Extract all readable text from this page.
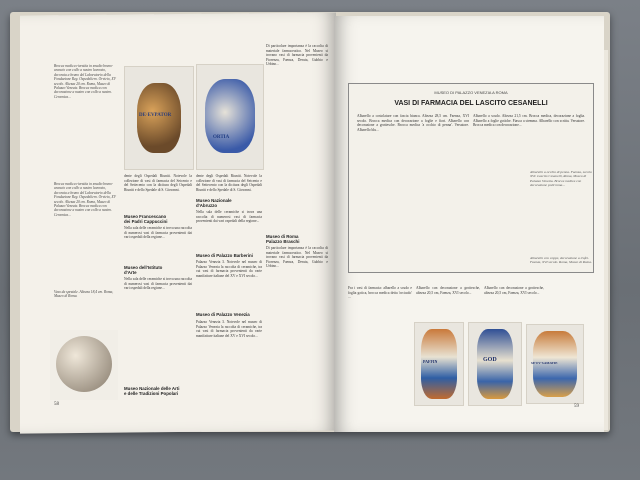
DE·EVPATOR
ORTIA
Brocca medica rivestita in smalto bruno-arancio con collo a nastro lavorato, decorata a bruno del Laboratorio della Fondazione Reg. Ospedaliero. Orvieto, XV secolo. Altezza 20 cm. Roma, Museo di Palazzo Venezia. Brocca medica con decorazione a nastro con collo a nastro. Ceramica...
Brocca medica rivestita in smalto bruno-arancio con collo a nastro lavorato, decorata a bruno del Laboratorio della Fondazione Reg. Ospedaliero. Orvieto, XV secolo. Altezza 20 cm. Roma, Museo di Palazzo Venezia. Brocca medica con decorazione a nastro con collo a nastro. Ceramica...
dente degli Ospedali Riuniti. Notevole la collezione di vasi di farmacia del Seicento e del Settecento con la dicitura degli Ospedali Riuniti e dello Spedale di S. Giovanni.
Museo Francescano
dei Padri Cappuccini
Nella sala delle ceramiche si trova una raccolta di numerosi vasi di farmacia provenienti dai vari ospedali della regione...
Museo dell'Istituto
d'Arte
Nella sala delle ceramiche si trova una raccolta di numerosi vasi di farmacia provenienti dai vari ospedali della regione...
Museo Nazionale
d'Abruzzo
dente degli Ospedali Riuniti. Notevole la collezione di vasi di farmacia del Seicento e del Settecento con la dicitura degli Ospedali Riuniti e dello Spedale di S. Giovanni.
Nella sala delle ceramiche si trova una raccolta di numerosi vasi di farmacia provenienti dai vari ospedali della regione...
Museo di Palazzo Barberini
Palazzo Venezia 3. Notevole nel museo di Palazzo Venezia la raccolta di ceramiche, tra cui vasi di farmacia provenienti da varie manifatture italiane del XV e XVI secolo...
Museo di Palazzo Venezia
Palazzo Venezia 3. Notevole nel museo di Palazzo Venezia la raccolta di ceramiche, tra cui vasi di farmacia provenienti da varie manifatture italiane del XV e XVI secolo...
Di particolare importanza è la raccolta di materiale farmaceutico. Nel Museo si trovano vasi di farmacia provenienti da Fiorenza, Faenza, Deruta, Gubbio e Urbino...
Museo di Roma
Palazzo Braschi
Di particolare importanza è la raccolta di materiale farmaceutico. Nel Museo si trovano vasi di farmacia provenienti da Fiorenza, Faenza, Deruta, Gubbio e Urbino...
Vaso da speziale. Altezza 18,4 cm. Roma, Museo di Roma.
Museo Nazionale delle Arti
e delle Tradizioni Popolari
58
MUSEO DI PALAZZO VENEZIA A ROMA
VASI DI FARMACIA DEL LASCITO CESANELLI
Albarello a costolature con fascia bianca. Altezza 28,5 cm. Faenza, XVI secolo. Brocca medica con decorazione a foglie e fiori. Albarello con decorazione a grottesche. Brocca medica 'a occhio di penna'. Versatore. Albarello blu...
Albarello a scudo. Altezza 21,5 cm. Brocca medica, decorazione a foglia. Albarello a foglie gotiche. Fiasca a stemma. Albarello con scritta. Versatore. Brocca medica con decorazione...
Albarello a occhio di penna. Faenza, secolo XVI. Lascito Cesanelli, Roma, Museo di Palazzo Venezia. Brocca medica con decorazione policroma...
Albarello con coppe, decorazione a trofei. Faenza, XVI secolo. Roma, Museo di Roma.
Fra i vasi di farmacia: albarello a scudo e foglia gotica, brocca medica detta 'orciuolo' ...
Albarello con decorazione a grottesche, altezza 20,5 cm, Faenza, XVI secolo...
Albarello con decorazione a grottesche, altezza 20,5 cm, Faenza, XVI secolo...
PAFFIN	GOD	SE·FV·SAMATIE
59
